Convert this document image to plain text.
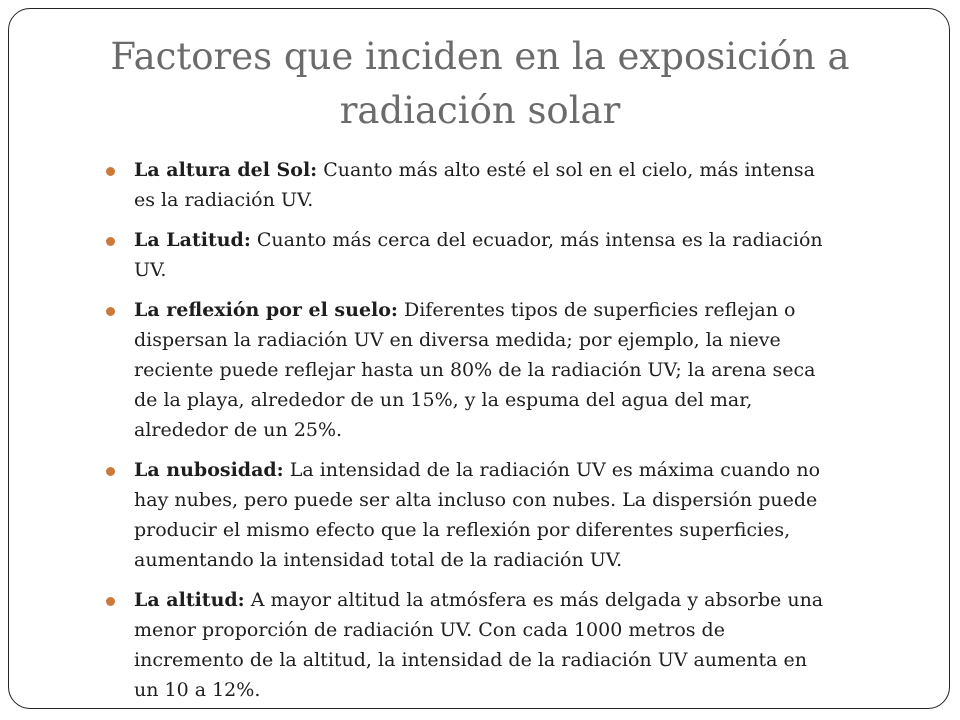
Factores que inciden en la exposición a radiación solar
La altura del Sol: Cuanto más alto esté el sol en el cielo, más intensa es la radiación UV.
La Latitud: Cuanto más cerca del ecuador, más intensa es la radiación UV.
La reflexión por el suelo: Diferentes tipos de superficies reflejan o dispersan la radiación UV en diversa medida; por ejemplo, la nieve reciente puede reflejar hasta un 80% de la radiación UV; la arena seca de la playa, alrededor de un 15%, y la espuma del agua del mar, alrededor de un 25%.
La nubosidad: La intensidad de la radiación UV es máxima cuando no hay nubes, pero puede ser alta incluso con nubes. La dispersión puede producir el mismo efecto que la reflexión por diferentes superficies, aumentando la intensidad total de la radiación UV.
La altitud: A mayor altitud la atmósfera es más delgada y absorbe una menor proporción de radiación UV. Con cada 1000 metros de incremento de la altitud, la intensidad de la radiación UV aumenta en un 10 a 12%.
